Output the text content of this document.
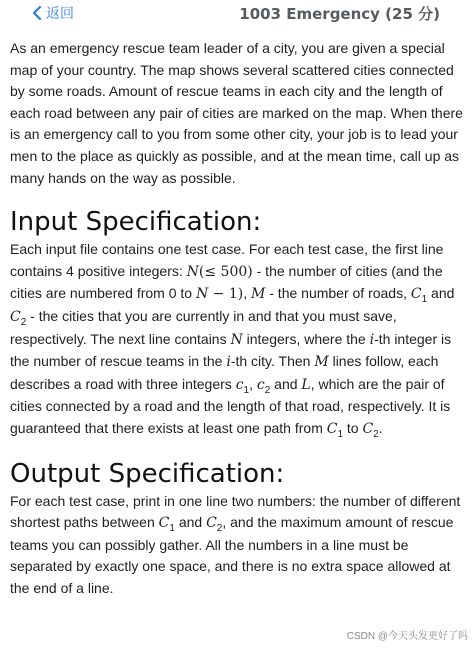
返回	1003 Emergency (25 分)

As an emergency rescue team leader of a city, you are given a special map of your country. The map shows several scattered cities connected by some roads. Amount of rescue teams in each city and the length of each road between any pair of cities are marked on the map. When there is an emergency call to you from some other city, your job is to lead your men to the place as quickly as possible, and at the mean time, call up as many hands on the way as possible.

Input Specification:

Each input file contains one test case. For each test case, the first line contains 4 positive integers: N(≤ 500) - the number of cities (and the cities are numbered from 0 to N − 1), M - the number of roads, $C_1$ and $C_2$ - the cities that you are currently in and that you must save, respectively. The next line contains N integers, where the i-th integer is the number of rescue teams in the i-th city. Then M lines follow, each describes a road with three integers $c_1$, $c_2$ and L, which are the pair of cities connected by a road and the length of that road, respectively. It is guaranteed that there exists at least one path from $C_1$ to $C_2$.

Output Specification:

For each test case, print in one line two numbers: the number of different shortest paths between $C_1$ and $C_2$, and the maximum amount of rescue teams you can possibly gather. All the numbers in a line must be separated by exactly one space, and there is no extra space allowed at the end of a line.

CSDN @今天头发更好了吗
